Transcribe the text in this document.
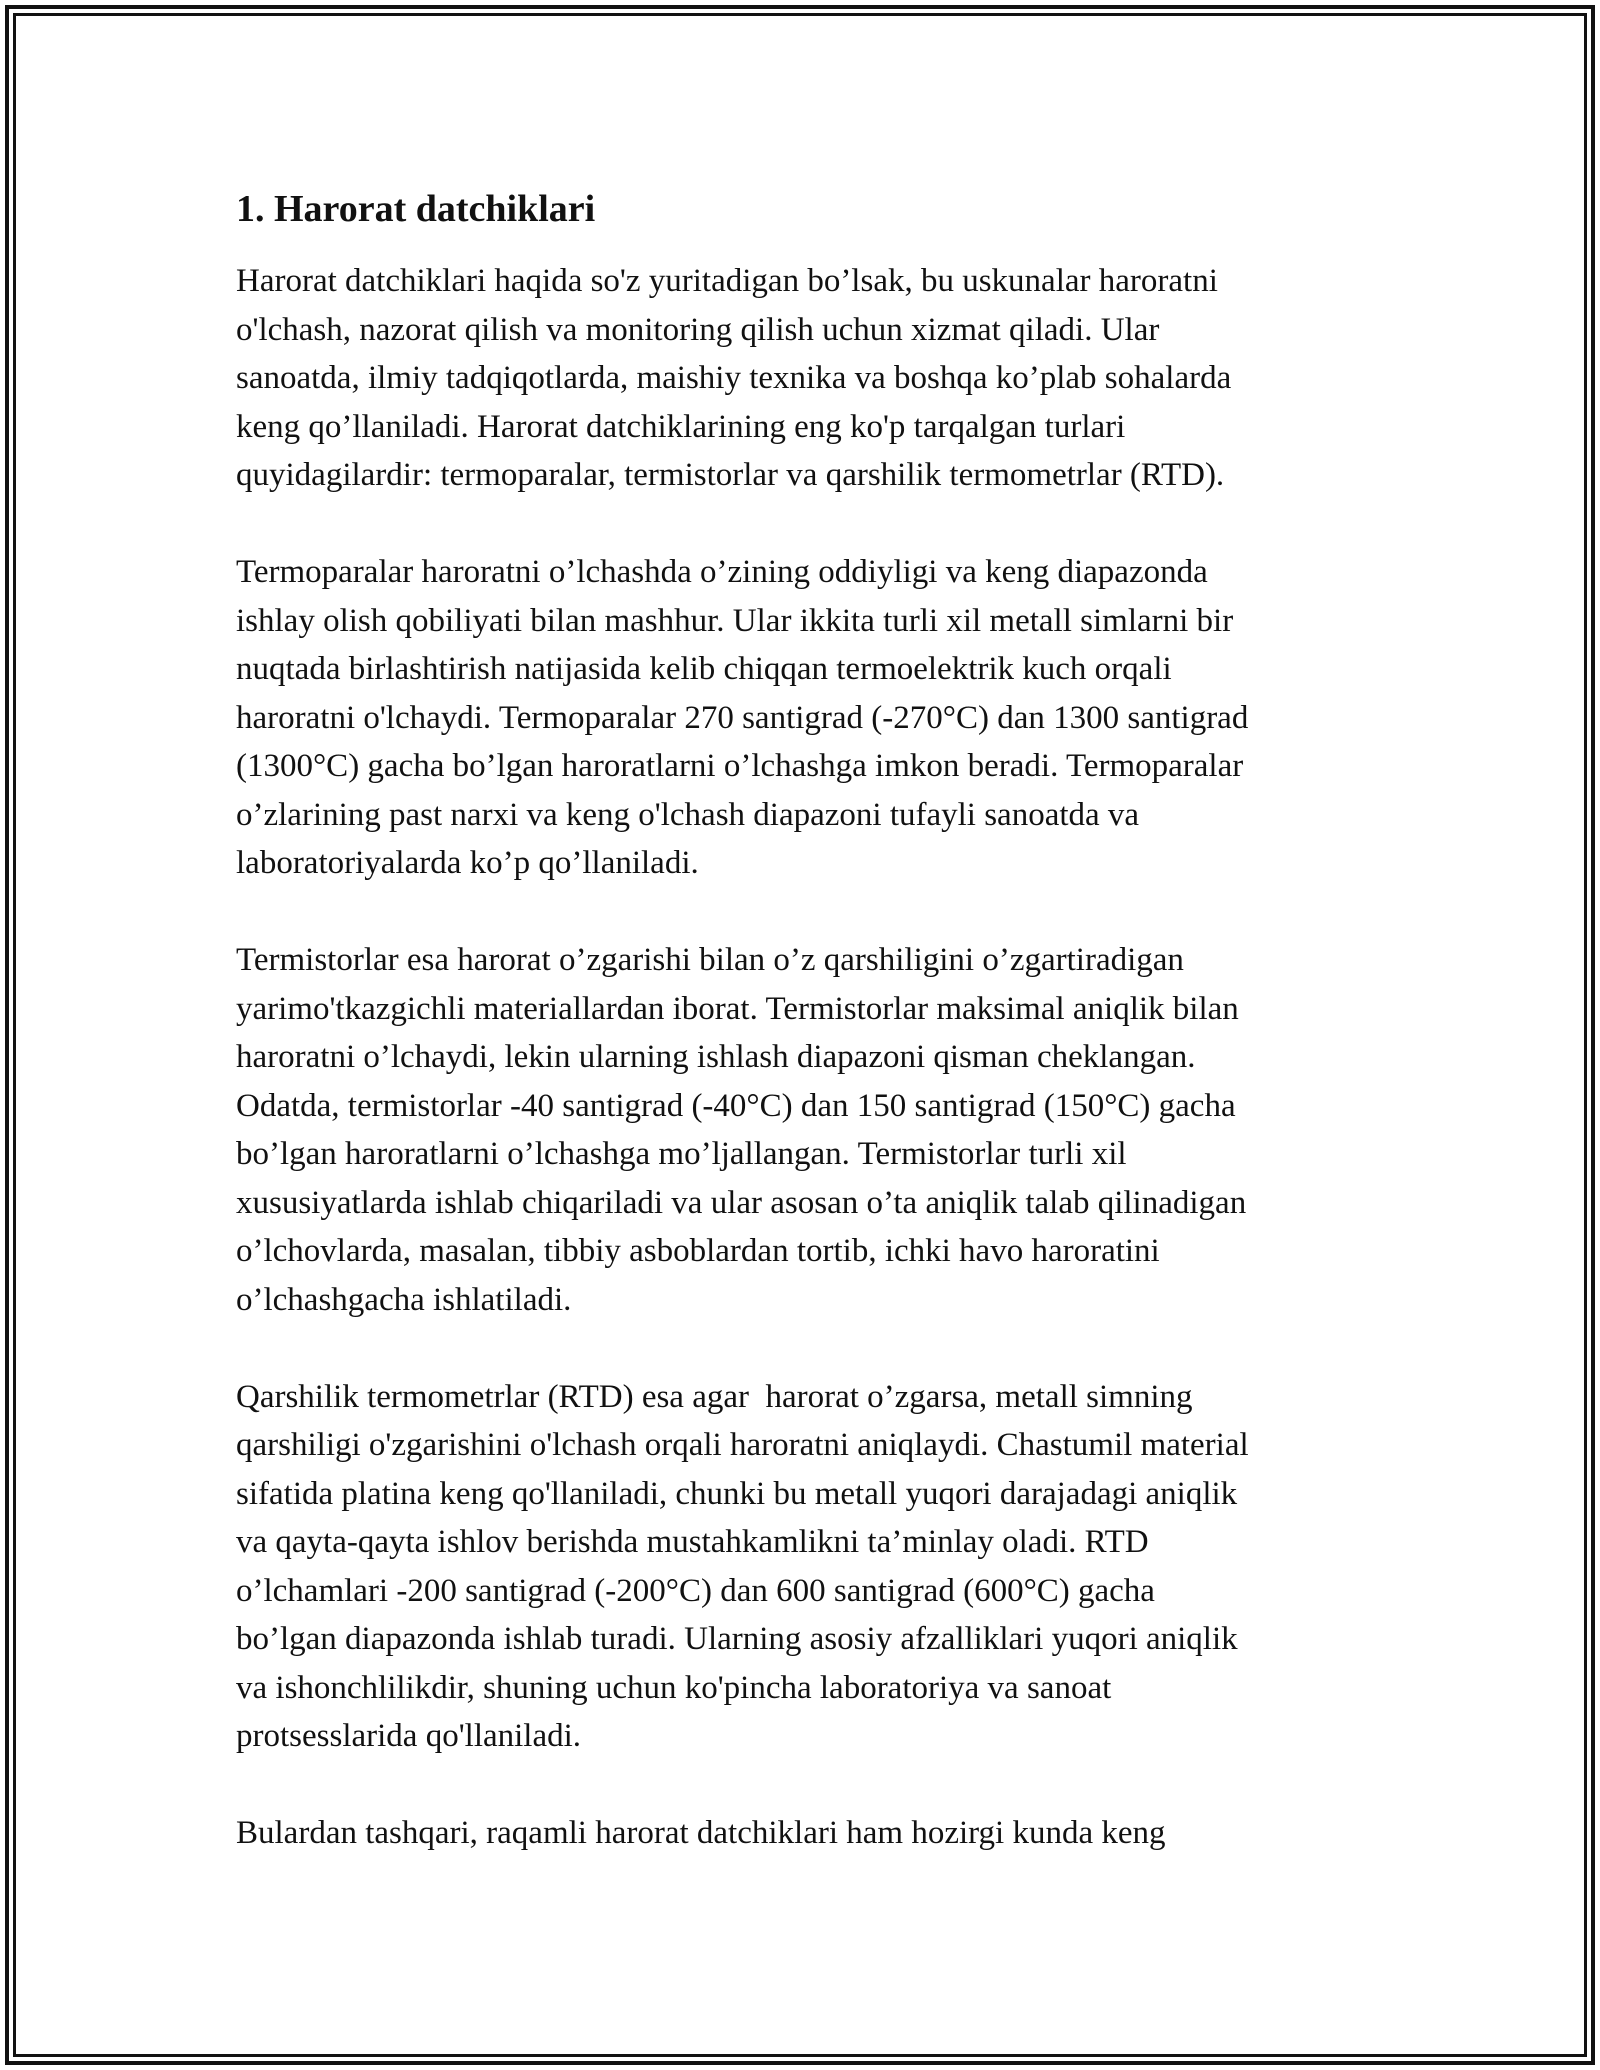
1. Harorat datchiklari

Harorat datchiklari haqida so'z yuritadigan bo’lsak, bu uskunalar haroratni
o'lchash, nazorat qilish va monitoring qilish uchun xizmat qiladi. Ular
sanoatda, ilmiy tadqiqotlarda, maishiy texnika va boshqa ko’plab sohalarda
keng qo’llaniladi. Harorat datchiklarining eng ko'p tarqalgan turlari
quyidagilardir: termoparalar, termistorlar va qarshilik termometrlar (RTD).

Termoparalar haroratni o’lchashda o’zining oddiyligi va keng diapazonda
ishlay olish qobiliyati bilan mashhur. Ular ikkita turli xil metall simlarni bir
nuqtada birlashtirish natijasida kelib chiqqan termoelektrik kuch orqali
haroratni o'lchaydi. Termoparalar 270 santigrad (-270°C) dan 1300 santigrad
(1300°C) gacha bo’lgan haroratlarni o’lchashga imkon beradi. Termoparalar
o’zlarining past narxi va keng o'lchash diapazoni tufayli sanoatda va
laboratoriyalarda ko’p qo’llaniladi.

Termistorlar esa harorat o’zgarishi bilan o’z qarshiligini o’zgartiradigan
yarimo'tkazgichli materiallardan iborat. Termistorlar maksimal aniqlik bilan
haroratni o’lchaydi, lekin ularning ishlash diapazoni qisman cheklangan.
Odatda, termistorlar -40 santigrad (-40°C) dan 150 santigrad (150°C) gacha
bo’lgan haroratlarni o’lchashga mo’ljallangan. Termistorlar turli xil
xususiyatlarda ishlab chiqariladi va ular asosan o’ta aniqlik talab qilinadigan
o’lchovlarda, masalan, tibbiy asboblardan tortib, ichki havo haroratini
o’lchashgacha ishlatiladi.

Qarshilik termometrlar (RTD) esa agar  harorat o’zgarsa, metall simning
qarshiligi o'zgarishini o'lchash orqali haroratni aniqlaydi. Chastumil material
sifatida platina keng qo'llaniladi, chunki bu metall yuqori darajadagi aniqlik
va qayta-qayta ishlov berishda mustahkamlikni ta’minlay oladi. RTD
o’lchamlari -200 santigrad (-200°C) dan 600 santigrad (600°C) gacha
bo’lgan diapazonda ishlab turadi. Ularning asosiy afzalliklari yuqori aniqlik
va ishonchlilikdir, shuning uchun ko'pincha laboratoriya va sanoat
protsesslarida qo'llaniladi.

Bulardan tashqari, raqamli harorat datchiklari ham hozirgi kunda keng
